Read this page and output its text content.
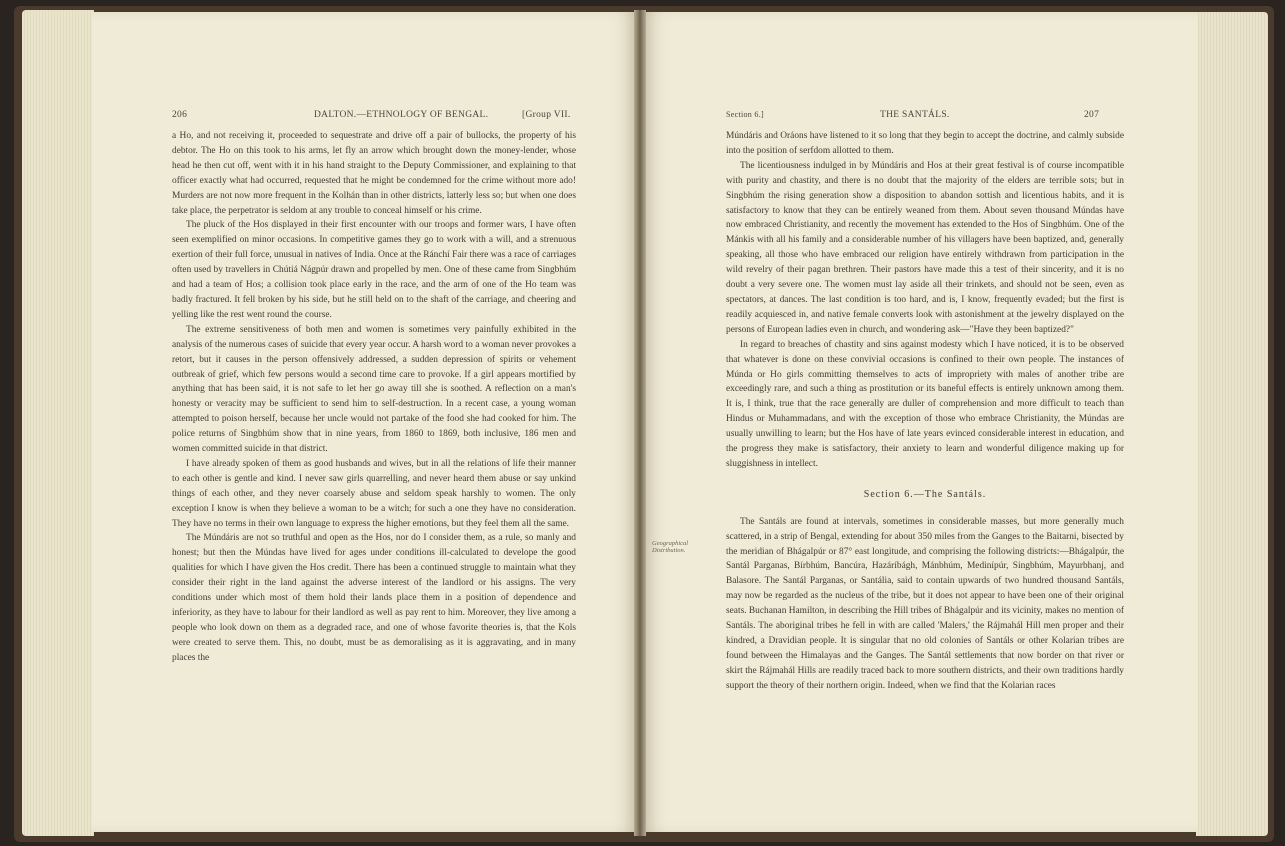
206	DALTON.—ETHNOLOGY OF BENGAL.	[Group VII.

a Ho, and not receiving it, proceeded to sequestrate and drive off a pair of bullocks, the property of his debtor. The Ho on this took to his arms, let fly an arrow which brought down the money-lender, whose head he then cut off, went with it in his hand straight to the Deputy Commissioner, and explaining to that officer exactly what had occurred, requested that he might be condemned for the crime without more ado! Murders are not now more frequent in the Kolhán than in other districts, latterly less so; but when one does take place, the perpetrator is seldom at any trouble to conceal himself or his crime.

The pluck of the Hos displayed in their first encounter with our troops and former wars, I have often seen exemplified on minor occasions. In competitive games they go to work with a will, and a strenuous exertion of their full force, unusual in natives of India. Once at the Ránchí Fair there was a race of carriages often used by travellers in Chútiá Nágpúr drawn and propelled by men. One of these came from Singbhúm and had a team of Hos; a collision took place early in the race, and the arm of one of the Ho team was badly fractured. It fell broken by his side, but he still held on to the shaft of the carriage, and cheering and yelling like the rest went round the course.

The extreme sensitiveness of both men and women is sometimes very painfully exhibited in the analysis of the numerous cases of suicide that every year occur. A harsh word to a woman never provokes a retort, but it causes in the person offensively addressed, a sudden depression of spirits or vehement outbreak of grief, which few persons would a second time care to provoke. If a girl appears mortified by anything that has been said, it is not safe to let her go away till she is soothed. A reflection on a man's honesty or veracity may be sufficient to send him to self-destruction. In a recent case, a young woman attempted to poison herself, because her uncle would not partake of the food she had cooked for him. The police returns of Singbhúm show that in nine years, from 1860 to 1869, both inclusive, 186 men and women committed suicide in that district.

I have already spoken of them as good husbands and wives, but in all the relations of life their manner to each other is gentle and kind. I never saw girls quarrelling, and never heard them abuse or say unkind things of each other, and they never coarsely abuse and seldom speak harshly to women. The only exception I know is when they believe a woman to be a witch; for such a one they have no consideration. They have no terms in their own language to express the higher emotions, but they feel them all the same.

The Múndáris are not so truthful and open as the Hos, nor do I consider them, as a rule, so manly and honest; but then the Múndas have lived for ages under conditions ill-calculated to develope the good qualities for which I have given the Hos credit. There has been a continued struggle to maintain what they consider their right in the land against the adverse interest of the landlord or his assigns. The very conditions under which most of them hold their lands place them in a position of dependence and inferiority, as they have to labour for their landlord as well as pay rent to him. Moreover, they live among a people who look down on them as a degraded race, and one of whose favorite theories is, that the Kols were created to serve them. This, no doubt, must be as demoralising as it is aggravating, and in many places the

Section 6.]	THE SANTÁLS.	207

Múndáris and Oráons have listened to it so long that they begin to accept the doctrine, and calmly subside into the position of serfdom allotted to them.

The licentiousness indulged in by Múndáris and Hos at their great festival is of course incompatible with purity and chastity, and there is no doubt that the majority of the elders are terrible sots; but in Singbhúm the rising generation show a disposition to abandon sottish and licentious habits, and it is satisfactory to know that they can be entirely weaned from them. About seven thousand Múndas have now embraced Christianity, and recently the movement has extended to the Hos of Singbhúm. One of the Mánkis with all his family and a considerable number of his villagers have been baptized, and, generally speaking, all those who have embraced our religion have entirely withdrawn from participation in the wild revelry of their pagan brethren. Their pastors have made this a test of their sincerity, and it is no doubt a very severe one. The women must lay aside all their trinkets, and should not be seen, even as spectators, at dances. The last condition is too hard, and is, I know, frequently evaded; but the first is readily acquiesced in, and native female converts look with astonishment at the jewelry displayed on the persons of European ladies even in church, and wondering ask—"Have they been baptized?"

In regard to breaches of chastity and sins against modesty which I have noticed, it is to be observed that whatever is done on these convivial occasions is confined to their own people. The instances of Múnda or Ho girls committing themselves to acts of impropriety with males of another tribe are exceedingly rare, and such a thing as prostitution or its baneful effects is entirely unknown among them. It is, I think, true that the race generally are duller of comprehension and more difficult to teach than Hindus or Muhammadans, and with the exception of those who embrace Christianity, the Múndas are usually unwilling to learn; but the Hos have of late years evinced considerable interest in education, and the progress they make is satisfactory, their anxiety to learn and wonderful diligence making up for sluggishness in intellect.

Section 6.—The Santáls.

The Santáls are found at intervals, sometimes in considerable masses, but more generally much scattered, in a strip of Bengal, extending for about 350 miles from the Ganges to the Baitarni, bisected by the meridian of Bhágalpúr or 87° east longitude, and comprising the following districts:—Bhágalpúr, the Santál Parganas, Bírbhúm, Bancúra, Hazáríbágh, Mánbhúm, Medinípúr, Singbhúm, Mayurbhanj, and Balasore. The Santál Parganas, or Santália, said to contain upwards of two hundred thousand Santáls, may now be regarded as the nucleus of the tribe, but it does not appear to have been one of their original seats. Buchanan Hamilton, in describing the Hill tribes of Bhágalpúr and its vicinity, makes no mention of Santáls. The aboriginal tribes he fell in with are called 'Malers,' the Rájmahál Hill men proper and their kindred, a Dravidian people. It is singular that no old colonies of Santáls or other Kolarian tribes are found between the Himalayas and the Ganges. The Santál settlements that now border on that river or skirt the Rájmahál Hills are readily traced back to more southern districts, and their own traditions hardly support the theory of their northern origin. Indeed, when we find that the Kolarian races

Geographical Distribution.
